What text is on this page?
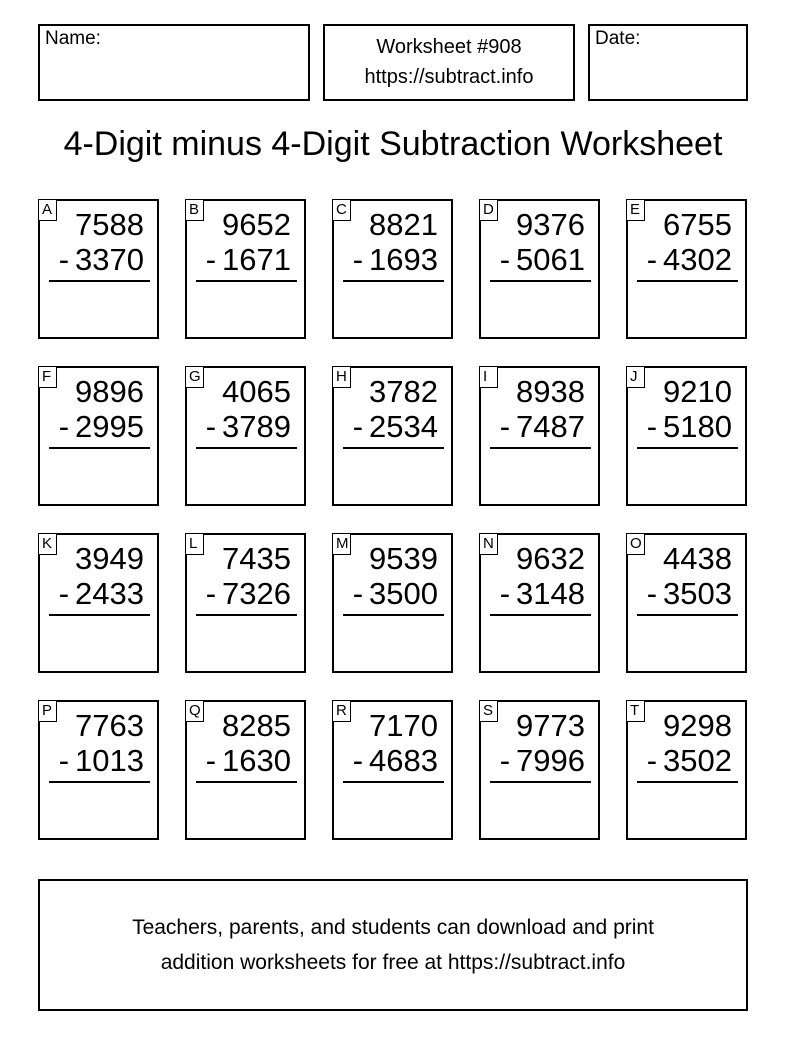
Name:	Worksheet #908
https://subtract.info
Date:
4-Digit minus 4-Digit Subtraction Worksheet
A 7588
- 3370
B 9652
- 1671
C 8821
- 1693
D 9376
- 5061
E 6755
- 4302
F 9896
- 2995
G 4065
- 3789
H 3782
- 2534
I 8938
- 7487
J 9210
- 5180
K 3949
- 2433
L 7435
- 7326
M 9539
- 3500
N 9632
- 3148
O 4438
- 3503
P 7763
- 1013
Q 8285
- 1630
R 7170
- 4683
S 9773
- 7996
T 9298
- 3502
Teachers, parents, and students can download and print
addition worksheets for free at https://subtract.info
